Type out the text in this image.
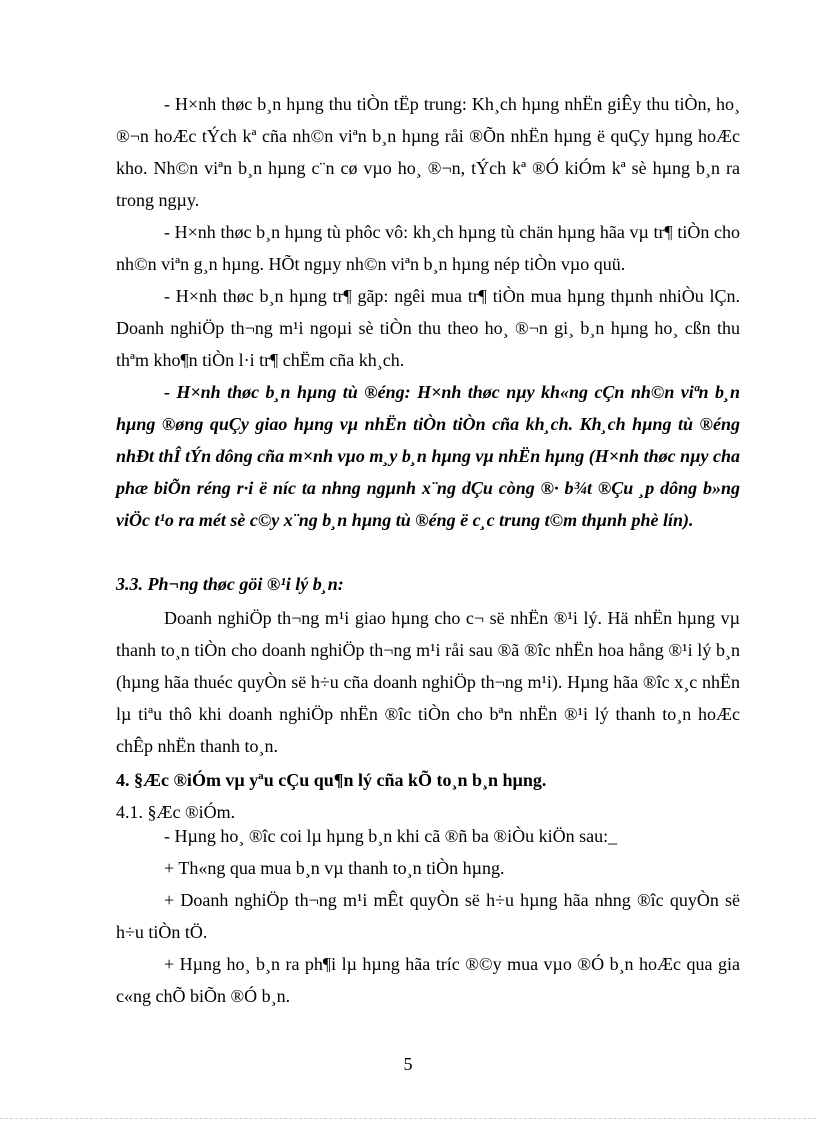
- H×nh thøc b¸n hµng thu tiÒn tËp trung: Kh¸ch hµng nhËn giÊy thu tiÒn, ho¸ ®¬n hoÆc tÝch kª cña nh©n viªn b¸n hµng råi ®Õn nhËn hµng ë quÇy hµng hoÆc kho. Nh©n viªn b¸n hµng c¨n cø vµo ho¸ ®¬n, tÝch kª ®Ó kiÓm kª sè hµng b¸n ra trong ngµy.

- H×nh thøc b¸n hµng tù phôc vô: kh¸ch hµng tù chän hµng hãa vµ tr¶ tiÒn cho nh©n viªn g¸n hµng. HÕt ngµy nh©n viªn b¸n hµng nép tiÒn vµo quü.

- H×nh thøc b¸n hµng tr¶ gãp: ngêi mua tr¶ tiÒn mua hµng thµnh nhiÒu lÇn. Doanh nghiÖp th¬ng m¹i ngoµi sè tiÒn thu theo ho¸ ®¬n gi¸ b¸n hµng ho¸ cßn thu thªm kho¶n tiÒn l·i tr¶ chËm cña kh¸ch.

- H×nh thøc b¸n hµng tù ®éng: H×nh thøc nµy kh«ng cÇn nh©n viªn b¸n hµng ®øng quÇy giao hµng vµ nhËn tiÒn tiÒn cña kh¸ch. Kh¸ch hµng tù ®éng nhÐt thÎ tÝn dông cña m×nh vµo m¸y b¸n hµng vµ nhËn hµng (H×nh thøc nµy cha phæ biÕn réng r·i ë níc ta nhng ngµnh x¨ng dÇu còng ®· b¾t ®Çu ¸p dông b»ng viÖc t¹o ra mét sè c©y x¨ng b¸n hµng tù ®éng ë c¸c trung t©m thµnh phè lín).

3.3. Ph¬ng thøc göi ®¹i lý b¸n:

Doanh nghiÖp th¬ng m¹i giao hµng cho c¬ së nhËn ®¹i lý. Hä nhËn hµng vµ thanh to¸n tiÒn cho doanh nghiÖp th¬ng m¹i råi sau ®ã ®îc nhËn hoa hång ®¹i lý b¸n (hµng hãa thuéc quyÒn së h÷u cña doanh nghiÖp th¬ng m¹i). Hµng hãa ®îc x¸c nhËn lµ tiªu thô khi doanh nghiÖp nhËn ®îc tiÒn cho bªn nhËn ®¹i lý thanh to¸n hoÆc chÊp nhËn thanh to¸n.

4. §Æc ®iÓm vµ yªu cÇu qu¶n lý cña kÕ to¸n b¸n hµng.

4.1. §Æc ®iÓm.

- Hµng ho¸ ®îc coi lµ hµng b¸n khi cã ®ñ ba ®iÒu kiÖn sau:_

+ Th«ng qua mua b¸n vµ thanh to¸n tiÒn hµng.

+ Doanh nghiÖp th¬ng m¹i mÊt quyÒn së h÷u hµng hãa nhng ®îc quyÒn së h÷u tiÒn tÖ.

+ Hµng ho¸ b¸n ra ph¶i lµ hµng hãa tríc ®©y mua vµo ®Ó b¸n hoÆc qua gia c«ng chÕ biÕn ®Ó b¸n.

5
